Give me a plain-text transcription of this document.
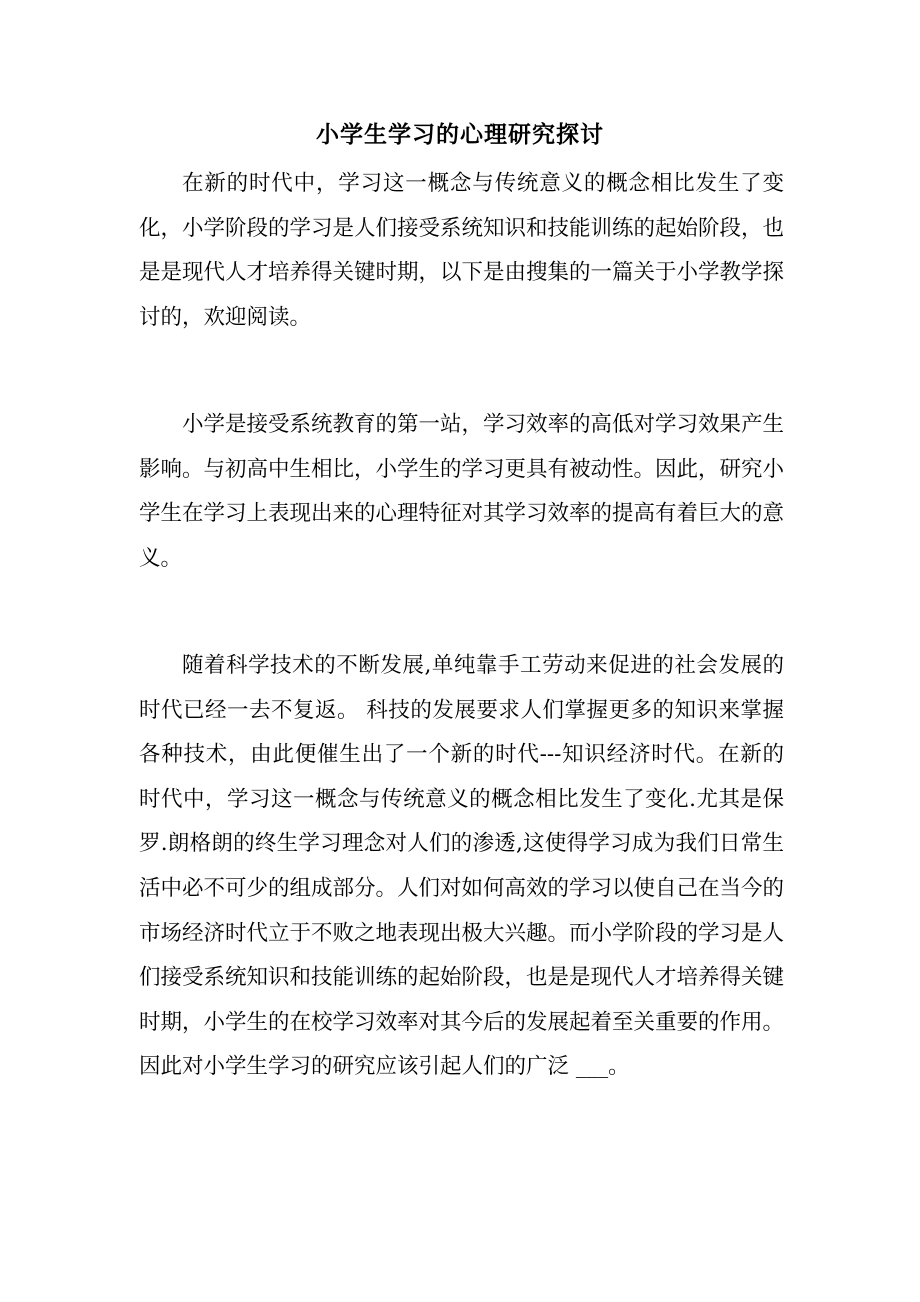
小学生学习的心理研究探讨

在新的时代中，学习这一概念与传统意义的概念相比发生了变化，小学阶段的学习是人们接受系统知识和技能训练的起始阶段，也是是现代人才培养得关键时期，以下是由搜集的一篇关于小学教学探讨的，欢迎阅读。

小学是接受系统教育的第一站，学习效率的高低对学习效果产生影响。与初高中生相比，小学生的学习更具有被动性。因此，研究小学生在学习上表现出来的心理特征对其学习效率的提高有着巨大的意义。

随着科学技术的不断发展,单纯靠手工劳动来促进的社会发展的时代已经一去不复返。 科技的发展要求人们掌握更多的知识来掌握各种技术，由此便催生出了一个新的时代---知识经济时代。在新的时代中，学习这一概念与传统意义的概念相比发生了变化.尤其是保罗.朗格朗的终生学习理念对人们的渗透,这使得学习成为我们日常生活中必不可少的组成部分。人们对如何高效的学习以使自己在当今的市场经济时代立于不败之地表现出极大兴趣。而小学阶段的学习是人们接受系统知识和技能训练的起始阶段，也是是现代人才培养得关键时期，小学生的在校学习效率对其今后的发展起着至关重要的作用。因此对小学生学习的研究应该引起人们的广泛 ___。
